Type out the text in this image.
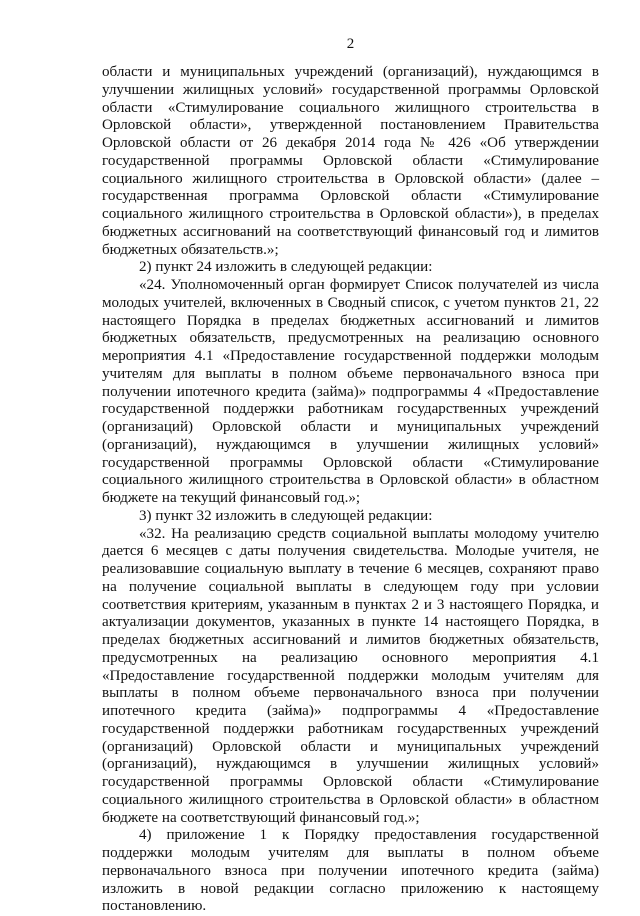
2

области и муниципальных учреждений (организаций), нуждающимся в улучшении жилищных условий» государственной программы Орловской области «Стимулирование социального жилищного строительства в Орловской области», утвержденной постановлением Правительства Орловской области от 26 декабря 2014 года № 426 «Об утверждении государственной программы Орловской области «Стимулирование социального жилищного строительства в Орловской области» (далее – государственная программа Орловской области «Стимулирование социального жилищного строительства в Орловской области»), в пределах бюджетных ассигнований на соответствующий финансовый год и лимитов бюджетных обязательств.»;

2) пункт 24 изложить в следующей редакции:

«24. Уполномоченный орган формирует Список получателей из числа молодых учителей, включенных в Сводный список, с учетом пунктов 21, 22 настоящего Порядка в пределах бюджетных ассигнований и лимитов бюджетных обязательств, предусмотренных на реализацию основного мероприятия 4.1 «Предоставление государственной поддержки молодым учителям для выплаты в полном объеме первоначального взноса при получении ипотечного кредита (займа)» подпрограммы 4 «Предоставление государственной поддержки работникам государственных учреждений (организаций) Орловской области и муниципальных учреждений (организаций), нуждающимся в улучшении жилищных условий» государственной программы Орловской области «Стимулирование социального жилищного строительства в Орловской области» в областном бюджете на текущий финансовый год.»;

3) пункт 32 изложить в следующей редакции:

«32. На реализацию средств социальной выплаты молодому учителю дается 6 месяцев с даты получения свидетельства. Молодые учителя, не реализовавшие социальную выплату в течение 6 месяцев, сохраняют право на получение социальной выплаты в следующем году при условии соответствия критериям, указанным в пунктах 2 и 3 настоящего Порядка, и актуализации документов, указанных в пункте 14 настоящего Порядка, в пределах бюджетных ассигнований и лимитов бюджетных обязательств, предусмотренных на реализацию основного мероприятия 4.1 «Предоставление государственной поддержки молодым учителям для выплаты в полном объеме первоначального взноса при получении ипотечного кредита (займа)» подпрограммы 4 «Предоставление государственной поддержки работникам государственных учреждений (организаций) Орловской области и муниципальных учреждений (организаций), нуждающимся в улучшении жилищных условий» государственной программы Орловской области «Стимулирование социального жилищного строительства в Орловской области» в областном бюджете на соответствующий финансовый год.»;

4) приложение 1 к Порядку предоставления государственной поддержки молодым учителям для выплаты в полном объеме первоначального взноса при получении ипотечного кредита (займа) изложить в новой редакции согласно приложению к настоящему постановлению.
